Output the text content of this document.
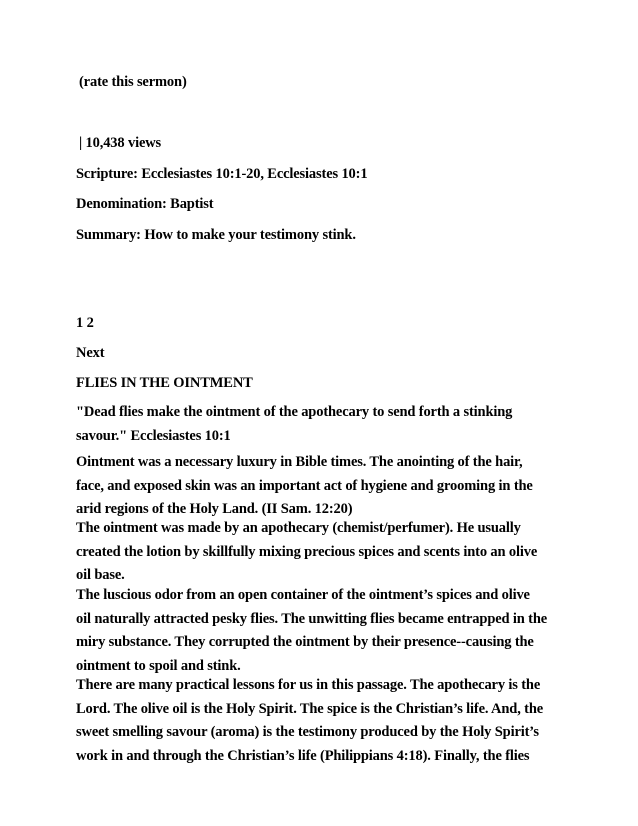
(rate this sermon)
| 10,438 views
Scripture: Ecclesiastes 10:1-20, Ecclesiastes 10:1
Denomination: Baptist
Summary: How to make your testimony stink.
1 2
Next
FLIES IN THE OINTMENT
"Dead flies make the ointment of the apothecary to send forth a stinking
savour." Ecclesiastes 10:1
Ointment was a necessary luxury in Bible times. The anointing of the hair,
face, and exposed skin was an important act of hygiene and grooming in the
arid regions of the Holy Land. (II Sam. 12:20)
The ointment was made by an apothecary (chemist/perfumer). He usually
created the lotion by skillfully mixing precious spices and scents into an olive
oil base.
The luscious odor from an open container of the ointment’s spices and olive
oil naturally attracted pesky flies. The unwitting flies became entrapped in the
miry substance. They corrupted the ointment by their presence--causing the
ointment to spoil and stink.
There are many practical lessons for us in this passage. The apothecary is the
Lord. The olive oil is the Holy Spirit. The spice is the Christian’s life. And, the
sweet smelling savour (aroma) is the testimony produced by the Holy Spirit’s
work in and through the Christian’s life (Philippians 4:18). Finally, the flies
